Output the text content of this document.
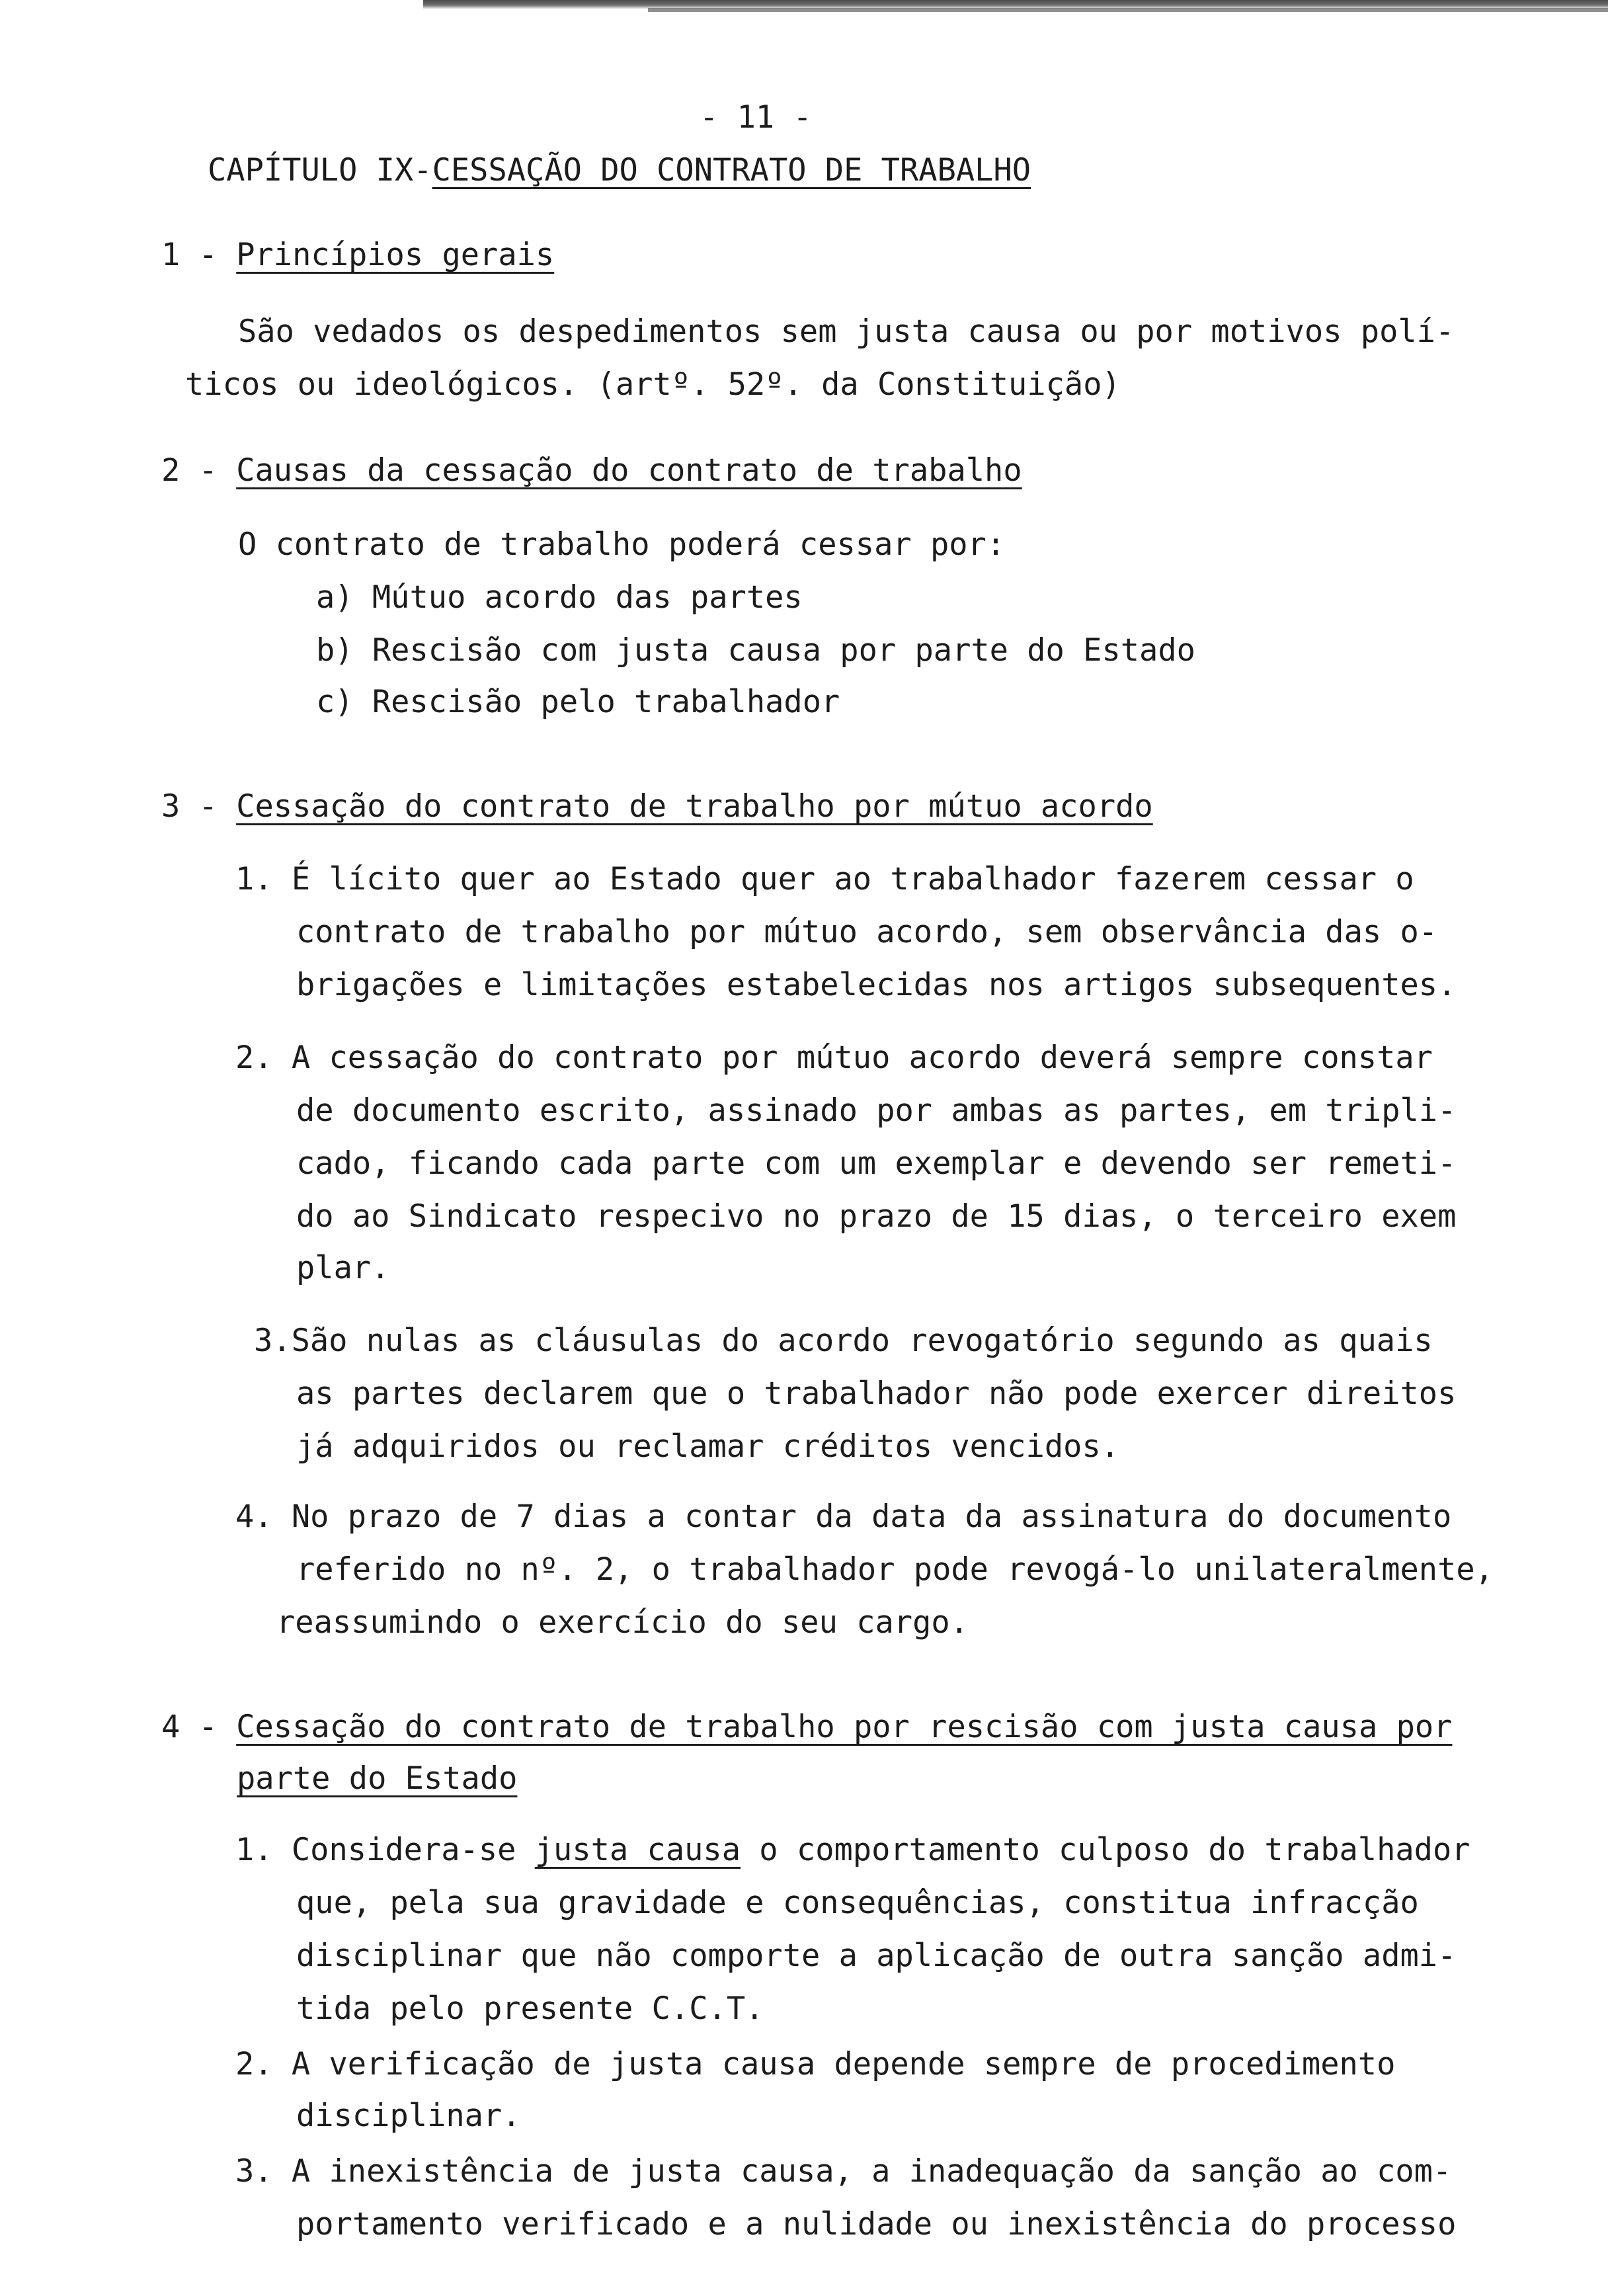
- 11 -
CAPÍTULO IX-CESSAÇÃO DO CONTRATO DE TRABALHO
1 - Princípios gerais
São vedados os despedimentos sem justa causa ou por motivos polí-
ticos ou ideológicos. (artº. 52º. da Constituição)
2 - Causas da cessação do contrato de trabalho
O contrato de trabalho poderá cessar por:
a) Mútuo acordo das partes
b) Rescisão com justa causa por parte do Estado
c) Rescisão pelo trabalhador
3 - Cessação do contrato de trabalho por mútuo acordo
1. É lícito quer ao Estado quer ao trabalhador fazerem cessar o
contrato de trabalho por mútuo acordo, sem observância das o-
brigações e limitações estabelecidas nos artigos subsequentes.
2. A cessação do contrato por mútuo acordo deverá sempre constar
de documento escrito, assinado por ambas as partes, em tripli-
cado, ficando cada parte com um exemplar e devendo ser remeti-
do ao Sindicato respecivo no prazo de 15 dias, o terceiro exem
plar.
3.São nulas as cláusulas do acordo revogatório segundo as quais
as partes declarem que o trabalhador não pode exercer direitos
já adquiridos ou reclamar créditos vencidos.
4. No prazo de 7 dias a contar da data da assinatura do documento
referido no nº. 2, o trabalhador pode revogá-lo unilateralmente,
reassumindo o exercício do seu cargo.
4 - Cessação do contrato de trabalho por rescisão com justa causa por
parte do Estado
1. Considera-se justa causa o comportamento culposo do trabalhador
que, pela sua gravidade e consequências, constitua infracção
disciplinar que não comporte a aplicação de outra sanção admi-
tida pelo presente C.C.T.
2. A verificação de justa causa depende sempre de procedimento
disciplinar.
3. A inexistência de justa causa, a inadequação da sanção ao com-
portamento verificado e a nulidade ou inexistência do processo
